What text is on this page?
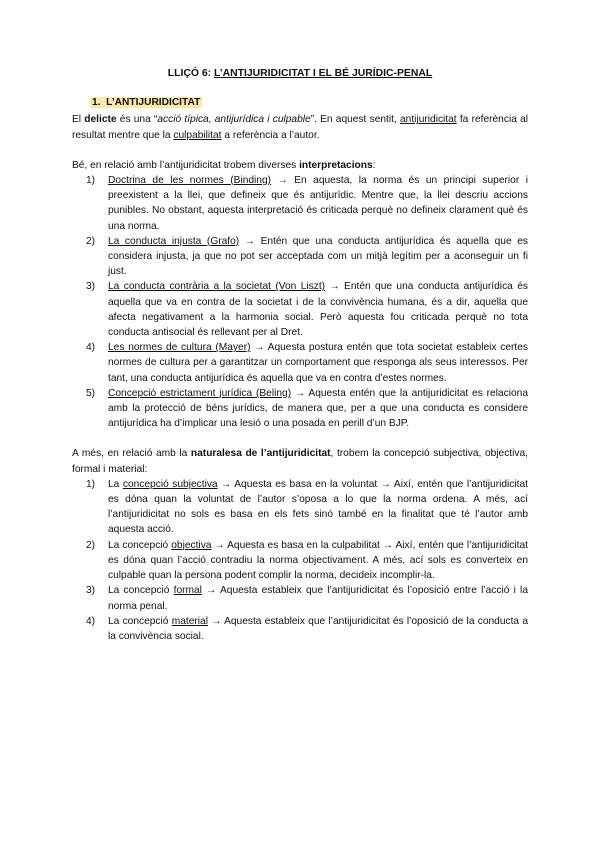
LLIÇÓ 6: L’ANTIJURIDICITAT I EL BÉ JURÍDIC-PENAL
1. L’ANTIJURIDICITAT

El delicte és una “acció típica, antijurídica i culpable”. En aquest sentit, antijuridicitat fa referència al resultat mentre que la culpabilitat a referència a l’autor.

Bé, en relació amb l’antijuridicitat trobem diverses interpretacions:

1) Doctrina de les normes (Binding) → En aquesta, la norma és un principi superior i preexistent a la llei, que defineix que és antijurídic. Mentre que, la llei descriu accions punibles. No obstant, aquesta interpretació és criticada perquè no defineix clarament què és una norma.
2) La conducta injusta (Grafo) → Entén que una conducta antijurídica és aquella que es considera injusta, ja que no pot ser acceptada com un mitjà legítim per a aconseguir un fi just.
3) La conducta contrària a la societat (Von Liszt) → Entén que una conducta antijurídica és aquella que va en contra de la societat i de la convivència humana, és a dir, aquella que afecta negativament a la harmonia social. Però aquesta fou criticada perquè no tota conducta antisocial és rellevant per al Dret.
4) Les normes de cultura (Mayer) → Aquesta postura entén que tota societat estableix certes normes de cultura per a garantitzar un comportament que responga als seus interessos. Per tant, una conducta antijurídica és aquella que va en contra d’estes normes.
5) Concepció estrictament jurídica (Beling) → Aquesta entén que la antijuridicitat es relaciona amb la protecció de béns jurídics, de manera que, per a que una conducta es considere antijurídica ha d’implicar una lesió o una posada en perill d’un BJP.

A més, en relació amb la naturalesa de l’antijuridicitat, trobem la concepció subjectiva, objectiva, formal i material:

1) La concepció subjectiva → Aquesta es basa en la voluntat → Així, entén que l’antijuridicitat es dóna quan la voluntat de l’autor s’oposa a lo que la norma ordena. A més, ací l’antijuridicitat no sols es basa en els fets sinó també en la finalitat que té l’autor amb aquesta acció.
2) La concepció objectiva → Aquesta es basa en la culpabilitat → Així, entén que l’antijuridicitat es dóna quan l’acció contradiu la norma objectivament. A més, ací sols es converteix en culpable quan la persona podent complir la norma, decideix incomplir-la.
3) La concepció formal → Aquesta estableix que l’antijuridicitat és l’oposició entre l’acció i la norma penal.
4) La concepció material → Aquesta estableix que l’antijuridicitat és l’oposició de la conducta a la convivència social.
